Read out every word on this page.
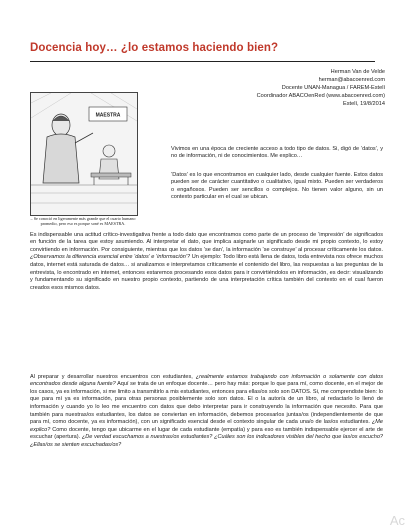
Docencia hoy… ¿lo estamos haciendo bien?
Herman Van de Velde
herman@abacoenred.com
Docente UNAN-Managua / FAREM-Estelí
Coordinador ABACOenRed (www.abacoenred.com)
Estelí, 19/8/2014
MAESTRA
– Se conoció en ligeramente más grande que el cuarto humano promedio, pero eso es porque soné es MAESTRA.

Vivimos en una época de creciente acceso a todo tipo de datos. Si, digó de ‘datos’, y no de información, ni de conocimientos. Me explico…

‘Datos’ es lo que encontramos en cualquier lado, desde cualquier fuente. Estos datos pueden ser de carácter cuantitativo o cualitativo, igual mixto. Pueden ser verdaderos o engañosos. Pueden ser sencillos o complejos. No tienen valor alguno, sin un contexto particular en el cual se ubican.

Es indispensable una actitud crítico-investigativa frente a todo dato que encontramos como parte de un proceso de ‘impresión’ de significados en función de la tarea que estoy asumiendo. Al interpretar el dato, que implica asignarle un significado desde mi propio contexto, lo estoy convirtiendo en información. Por consiguiente, mientras que los datos ‘se dan’, la información ‘se construye’ al procesar críticamente los datos. ¿Observamos la diferencia esencial entre ‘datos’ e ‘información’? Un ejemplo: Todo libro está llena de datos, toda entrevista nos ofrece muchos datos, internet está saturada de datos… si analizamos e interpretamos críticamente el contenido del libro, las respuestas a las preguntas de la entrevista, lo encontrado en internet, entonces estaremos procesando esos datos para ir convirtiéndolos en información, es decir: visualizando y fundamentando su significado en nuestro propio contexto, partiendo de una interpretación crítica también del contexto en el cual fueron creados esos mismos datos.

Al preparar y desarrollar nuestros encuentros con estudiantes, ¿realmente estamos trabajando con información o solamente con datos encontrados desde alguna fuente? Aquí se trata de un enfoque docente… pero hay más: porque lo que para mí, como docente, en el mejor de los casos, ya es información, si me limito a transmitirlo a mis estudiantes, entonces para ellas/os solo son DATOS. Si, me comprendiste bien: lo que para mí ya es información, para otras personas posiblemente solo son datos. El o la autor/a de un libro, al redactarlo lo llenó de información y cuando yo lo leo me encuentro con datos que debo interpretar para ir construyendo la información que necesito. Para que también para nuestras/os estudiantes, los datos se conviertan en información, debemos procesarlos juntas/os (independientemente de que para mí, como docente, ya es información), con un significado esencial desde el contexto singular de cada una/o de las/os estudiantes. ¿Me explico? Como docente, tengo que ubicarme en el lugar de cada estudiante (empatía) y para eso es también indispensable ejercer el arte de escuchar (apertura). ¿De verdad escuchamos a nuestras/os estudiantes? ¿Cuáles son los indicadores visibles del hecho que las/os escucho? ¿Ellas/os se sienten escuchadas/os?

Ac
